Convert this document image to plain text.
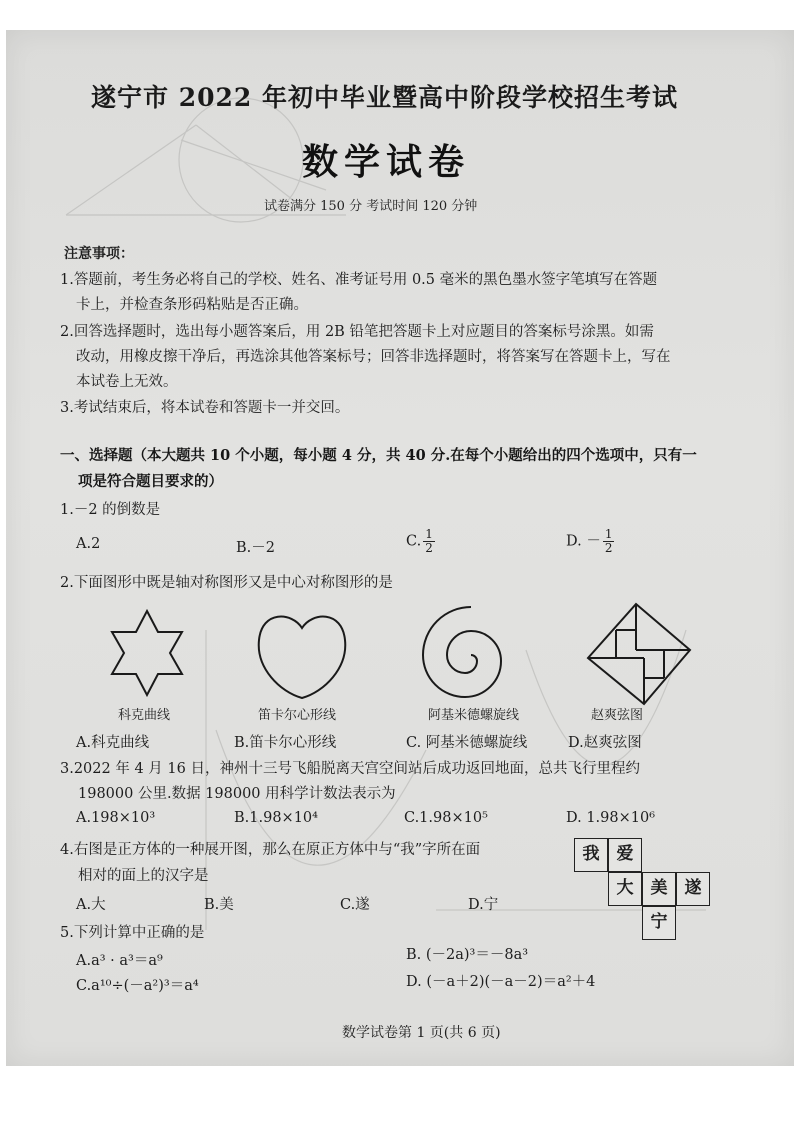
遂宁市 2022 年初中毕业暨高中阶段学校招生考试
数学试卷
试卷满分 150 分 考试时间 120 分钟
注意事项：
1.答题前，考生务必将自己的学校、姓名、准考证号用 0.5 毫米的黑色墨水签字笔填写在答题
卡上，并检查条形码粘贴是否正确。
2.回答选择题时，选出每小题答案后，用 2B 铅笔把答题卡上对应题目的答案标号涂黑。如需
改动，用橡皮擦干净后，再选涂其他答案标号；回答非选择题时，将答案写在答题卡上，写在
本试卷上无效。
3.考试结束后，将本试卷和答题卡一并交回。
一、选择题（本大题共 10 个小题，每小题 4 分，共 40 分.在每个小题给出的四个选项中，只有一
项是符合题目要求的）
1.－2 的倒数是
A.2	B.－2	C. $\frac{1}{2}$	D. － $\frac{1}{2}$
2.下面图形中既是轴对称图形又是中心对称图形的是
科克曲线	笛卡尔心形线	阿基米德螺旋线	赵爽弦图
A.科克曲线	B.笛卡尔心形线	C. 阿基米德螺旋线	D.赵爽弦图
3.2022 年 4 月 16 日，神州十三号飞船脱离天宫空间站后成功返回地面，总共飞行里程约
198000 公里.数据 198000 用科学计数法表示为
A.198×10³	B.1.98×10⁴	C.1.98×10⁵	D. 1.98×10⁶
4.右图是正方体的一种展开图，那么在原正方体中与“我”字所在面
相对的面上的汉字是
A.大	B.美	C.遂	D.宁
我	爱
大	美	遂
宁
5.下列计算中正确的是
A.a³ · a³＝a⁹	B. (－2a)³＝－8a³
C.a¹⁰÷(－a²)³＝a⁴	D. (－a＋2)(－a－2)＝a²＋4
数学试卷第 1 页(共 6 页)
